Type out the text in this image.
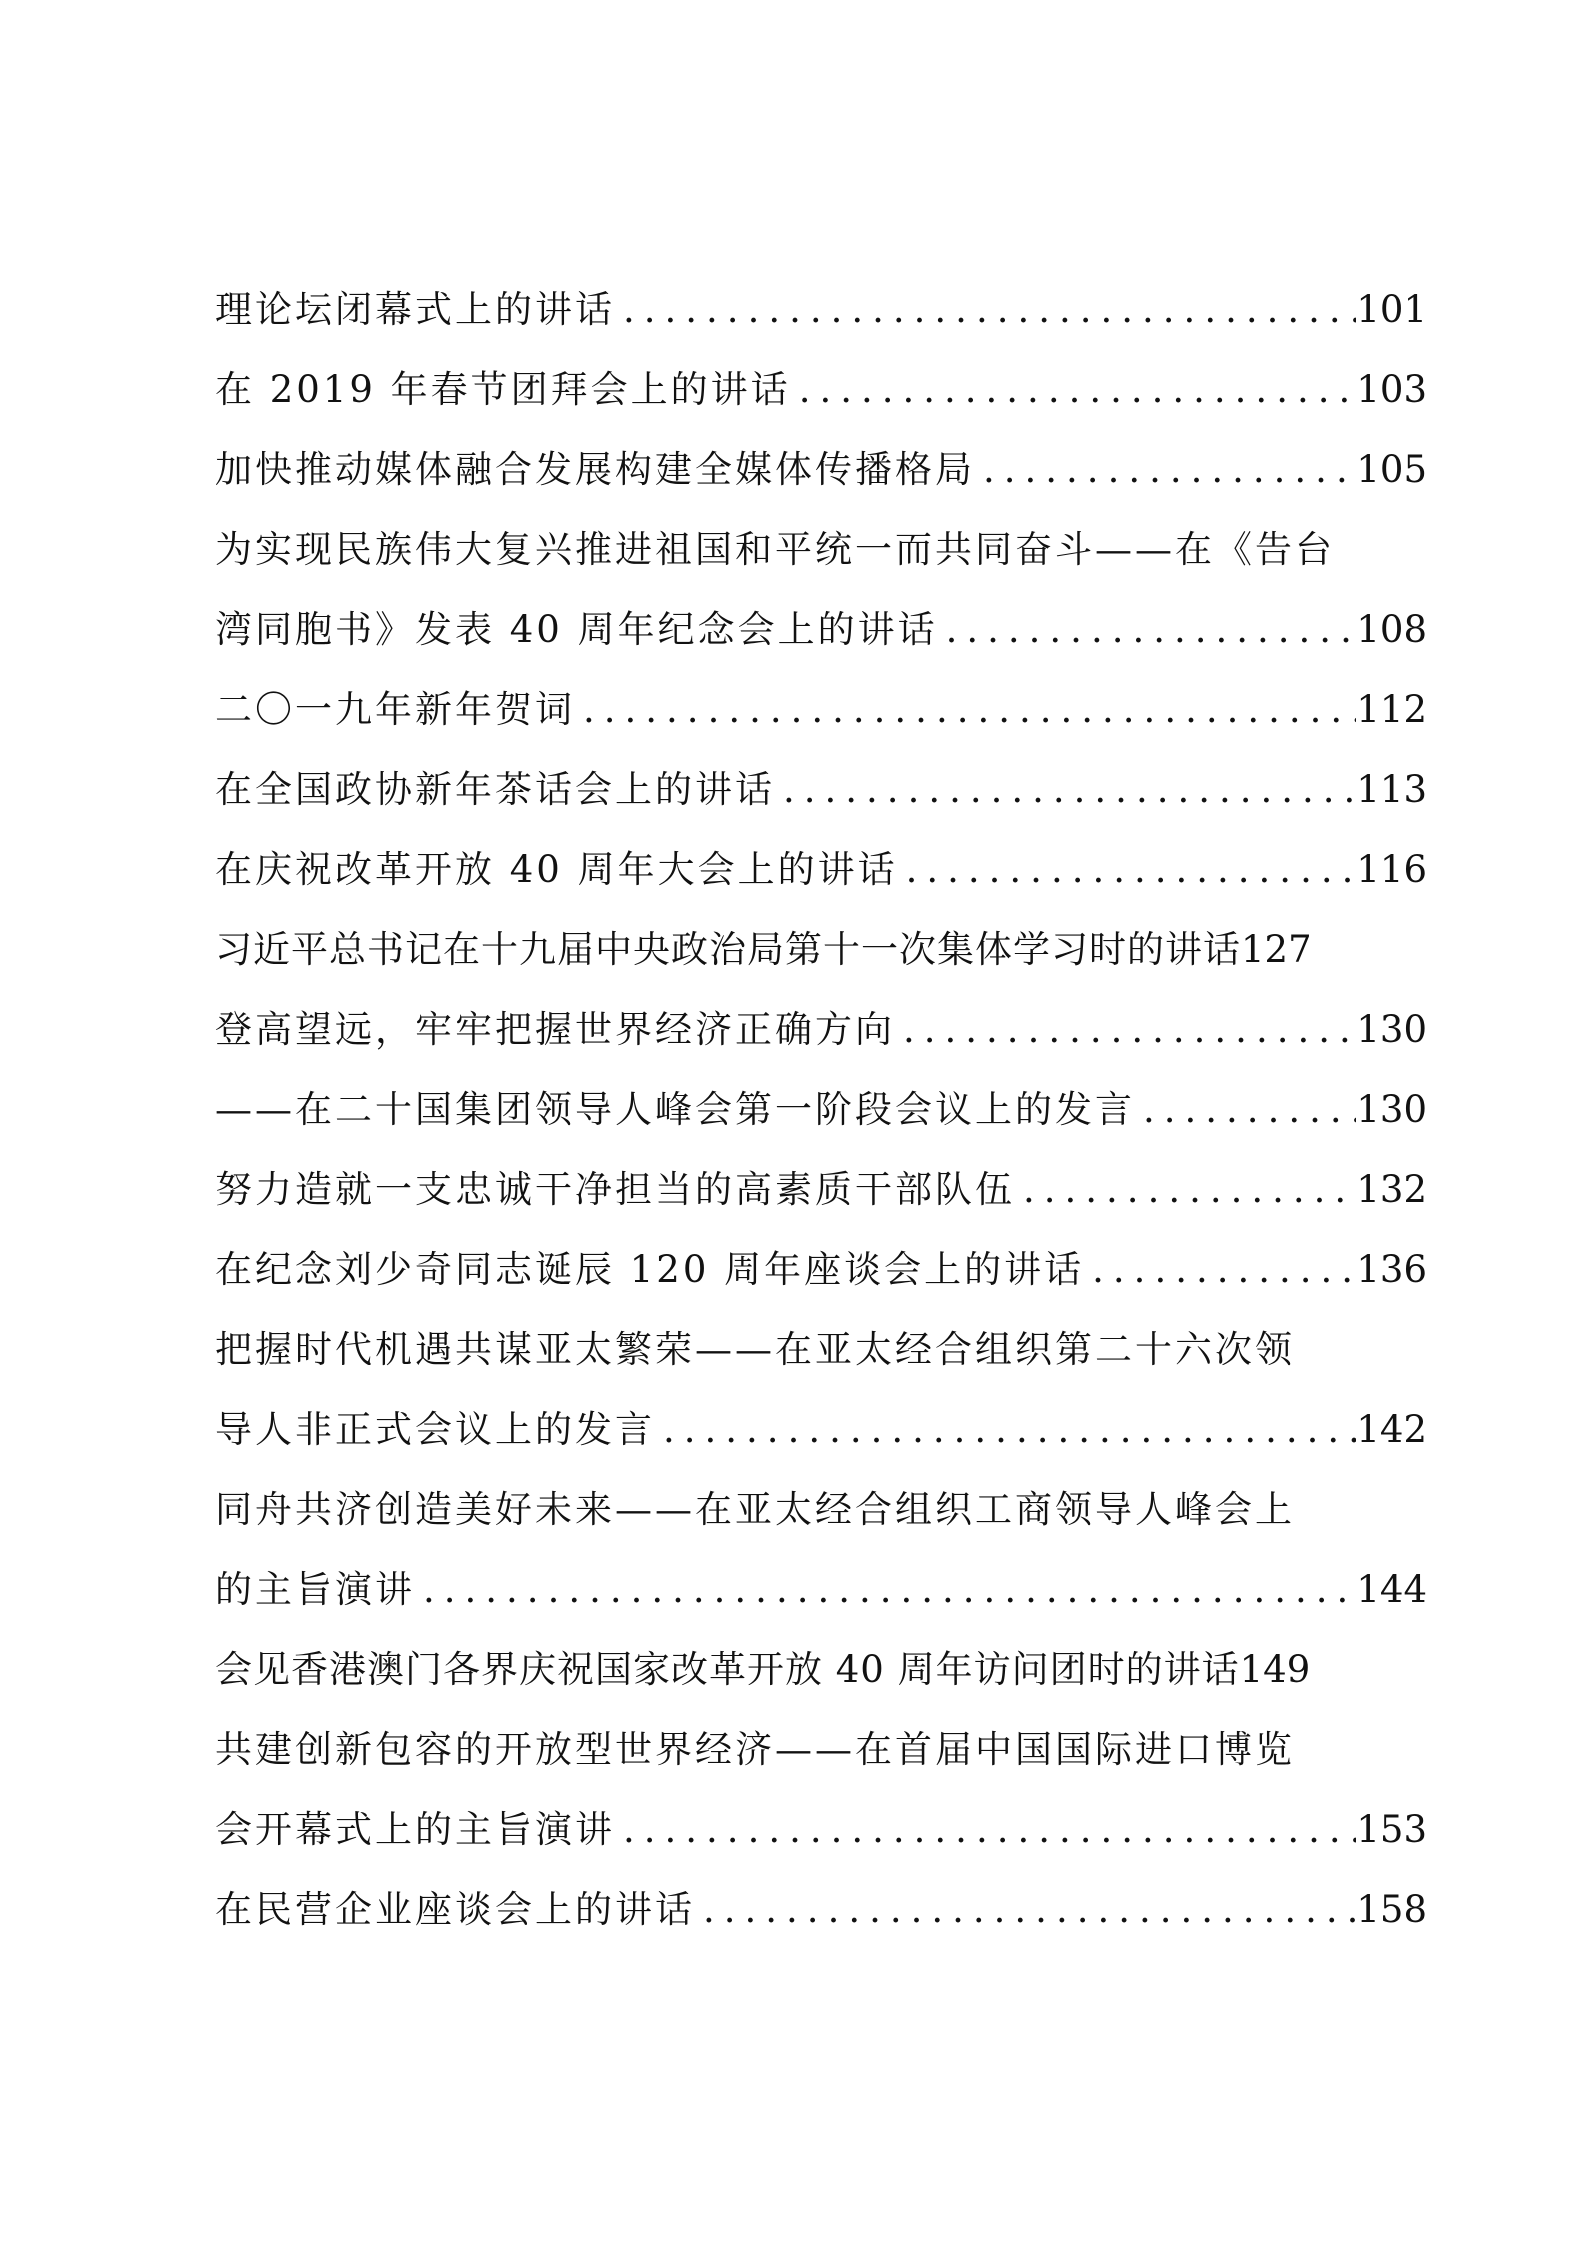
理论坛闭幕式上的讲话 .....	101
在 2019 年春节团拜会上的讲话 .....	103
加快推动媒体融合发展构建全媒体传播格局 .....	105
为实现民族伟大复兴推进祖国和平统一而共同奋斗——在《告台
湾同胞书》发表 40 周年纪念会上的讲话 .....	108
二〇一九年新年贺词 .....	112
在全国政协新年茶话会上的讲话 .....	113
在庆祝改革开放 40 周年大会上的讲话 .....	116
习近平总书记在十九届中央政治局第十一次集体学习时的讲话 127
登高望远，牢牢把握世界经济正确方向 .....	130
——在二十国集团领导人峰会第一阶段会议上的发言 .....	130
努力造就一支忠诚干净担当的高素质干部队伍 .....	132
在纪念刘少奇同志诞辰 120 周年座谈会上的讲话 .....	136
把握时代机遇共谋亚太繁荣——在亚太经合组织第二十六次领
导人非正式会议上的发言 .....	142
同舟共济创造美好未来——在亚太经合组织工商领导人峰会上
的主旨演讲 .....	144
会见香港澳门各界庆祝国家改革开放 40 周年访问团时的讲话 149
共建创新包容的开放型世界经济——在首届中国国际进口博览
会开幕式上的主旨演讲 .....	153
在民营企业座谈会上的讲话 .....	158
